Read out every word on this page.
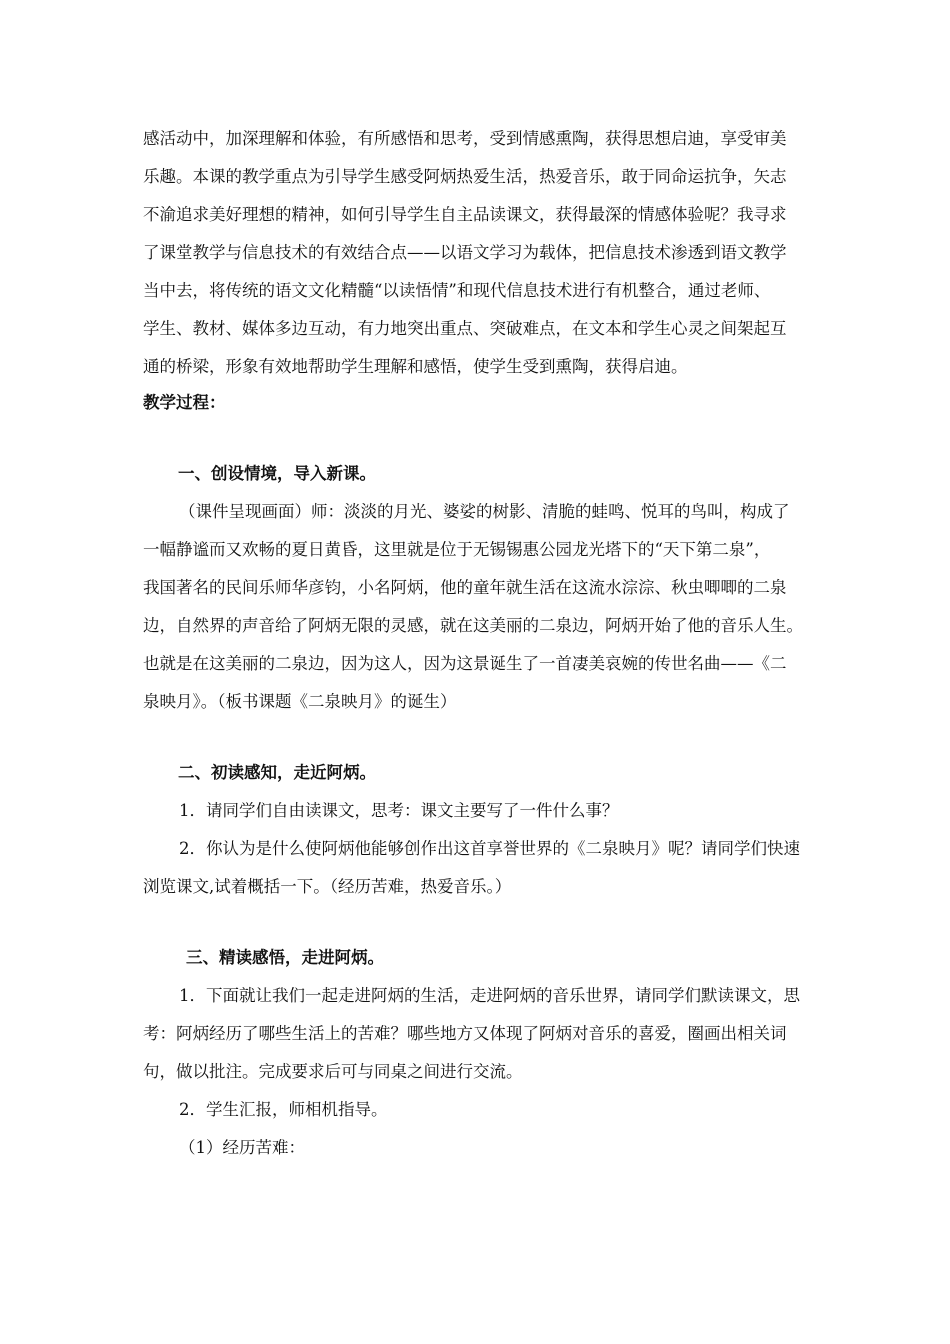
感活动中，加深理解和体验，有所感悟和思考，受到情感熏陶，获得思想启迪，享受审美
乐趣。本课的教学重点为引导学生感受阿炳热爱生活，热爱音乐，敢于同命运抗争，矢志
不渝追求美好理想的精神，如何引导学生自主品读课文，获得最深的情感体验呢？我寻求
了课堂教学与信息技术的有效结合点——以语文学习为载体，把信息技术渗透到语文教学
当中去，将传统的语文文化精髓“以读悟情”和现代信息技术进行有机整合，通过老师、
学生、教材、媒体多边互动，有力地突出重点、突破难点，在文本和学生心灵之间架起互
通的桥梁，形象有效地帮助学生理解和感悟，使学生受到熏陶，获得启迪。
教学过程：
一、创设情境，导入新课。
（课件呈现画面）师：淡淡的月光、婆娑的树影、清脆的蛙鸣、悦耳的鸟叫，构成了
一幅静谧而又欢畅的夏日黄昏，这里就是位于无锡锡惠公园龙光塔下的“天下第二泉”，
我国著名的民间乐师华彦钧，小名阿炳，他的童年就生活在这流水淙淙、秋虫唧唧的二泉
边，自然界的声音给了阿炳无限的灵感，就在这美丽的二泉边，阿炳开始了他的音乐人生。
也就是在这美丽的二泉边，因为这人，因为这景诞生了一首凄美哀婉的传世名曲——《二
泉映月》。（板书课题《二泉映月》的诞生）
二、初读感知，走近阿炳。
1．请同学们自由读课文，思考：课文主要写了一件什么事？
2．你认为是什么使阿炳他能够创作出这首享誉世界的《二泉映月》呢？请同学们快速
浏览课文,试着概括一下。（经历苦难，热爱音乐。）
三、精读感悟，走进阿炳。
1．下面就让我们一起走进阿炳的生活，走进阿炳的音乐世界，请同学们默读课文，思
考：阿炳经历了哪些生活上的苦难？哪些地方又体现了阿炳对音乐的喜爱，圈画出相关词
句，做以批注。完成要求后可与同桌之间进行交流。
2．学生汇报，师相机指导。
（1）经历苦难：
